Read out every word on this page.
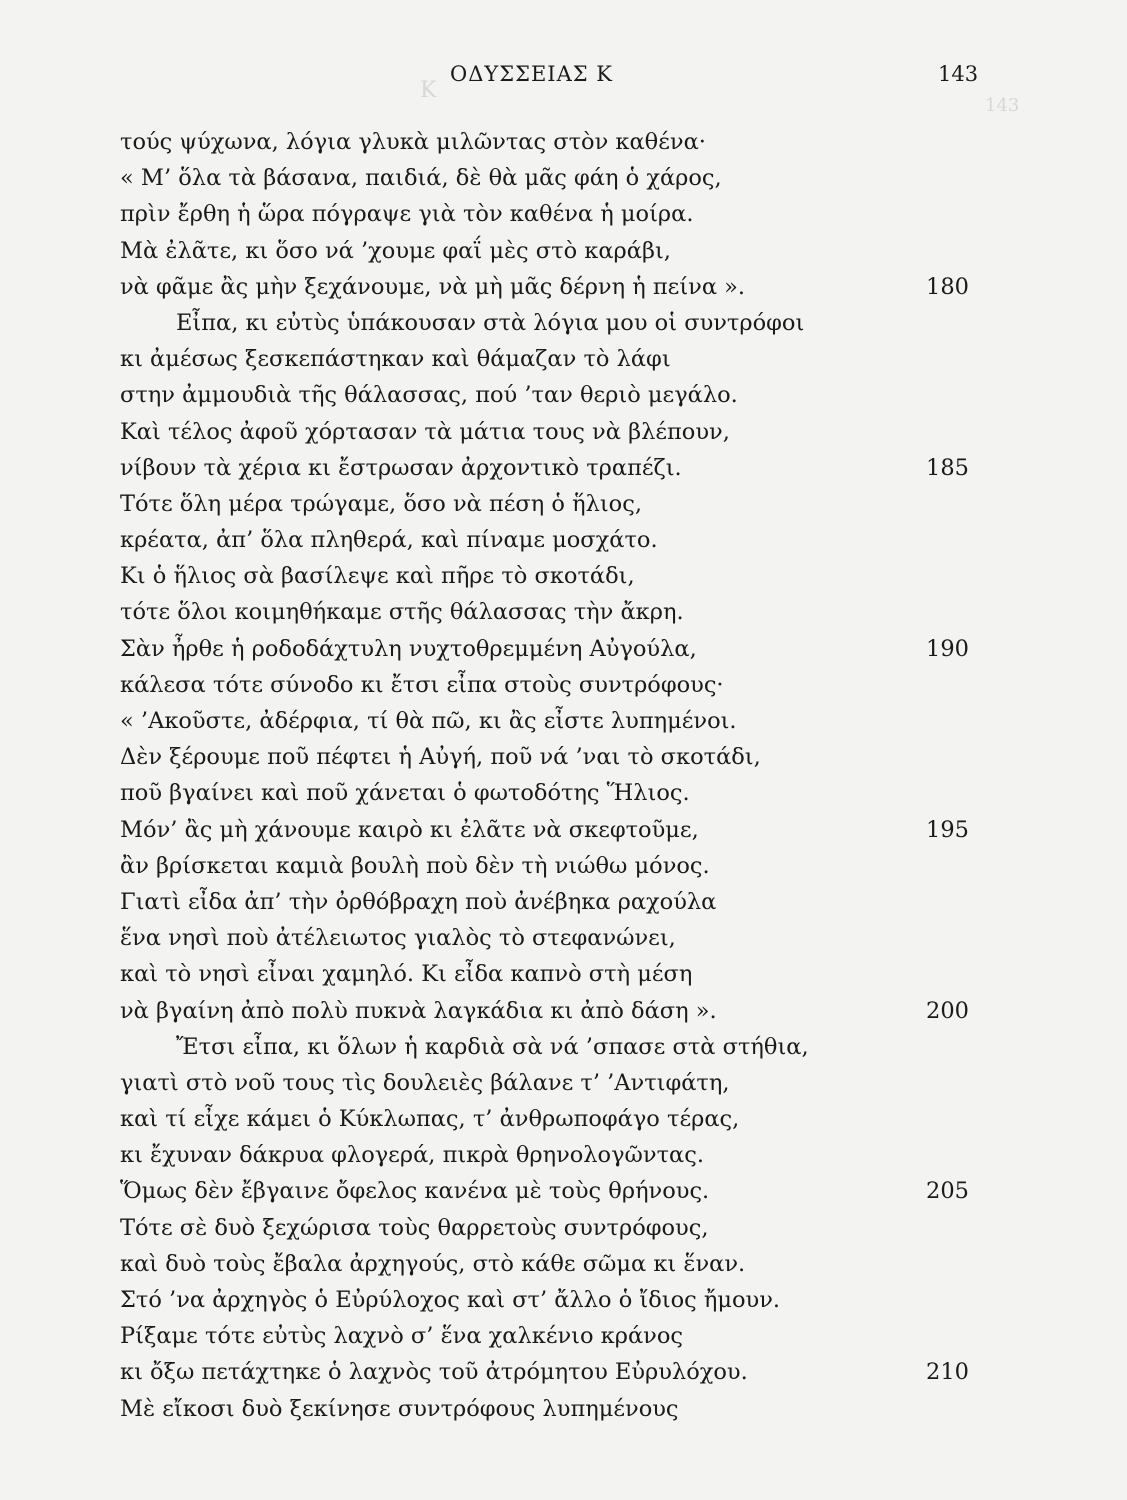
Κ
143
ΟΔΥΣΣΕΙΑΣ Κ	143
τούς ψύχωνα, λόγια γλυκὰ μιλῶντας στὸν καθένα·
« Μ’ ὅλα τὰ βάσανα, παιδιά, δὲ θὰ μᾶς φάη ὁ χάρος,
πρὶν ἔρθη ἡ ὥρα πόγραψε γιὰ τὸν καθένα ἡ μοίρα.
Μὰ ἐλᾶτε, κι ὅσο νά ’χουμε φαΐ μὲς στὸ καράβι,
νὰ φᾶμε ἂς μὴν ξεχάνουμε, νὰ μὴ μᾶς δέρνη ἡ πείνα ».	180
Εἶπα, κι εὐτὺς ὑπάκουσαν στὰ λόγια μου οἱ συντρόφοι
κι ἀμέσως ξεσκεπάστηκαν καὶ θάμαζαν τὸ λάφι
στην ἀμμουδιὰ τῆς θάλασσας, πού ’ταν θεριὸ μεγάλο.
Καὶ τέλος ἀφοῦ χόρτασαν τὰ μάτια τους νὰ βλέπουν,
νίβουν τὰ χέρια κι ἔστρωσαν ἀρχοντικὸ τραπέζι.	185
Τότε ὅλη μέρα τρώγαμε, ὅσο νὰ πέση ὁ ἥλιος,
κρέατα, ἀπ’ ὅλα πληθερά, καὶ πίναμε μοσχάτο.
Κι ὁ ἥλιος σὰ βασίλεψε καὶ πῆρε τὸ σκοτάδι,
τότε ὅλοι κοιμηθήκαμε στῆς θάλασσας τὴν ἄκρη.
Σὰν ἦρθε ἡ ροδοδάχτυλη νυχτοθρεμμένη Αὐγούλα,	190
κάλεσα τότε σύνοδο κι ἔτσι εἶπα στοὺς συντρόφους·
« ’Ακοῦστε, ἀδέρφια, τί θὰ πῶ, κι ἂς εἶστε λυπημένοι.
Δὲν ξέρουμε ποῦ πέφτει ἡ Αὐγή, ποῦ νά ’ναι τὸ σκοτάδι,
ποῦ βγαίνει καὶ ποῦ χάνεται ὁ φωτοδότης Ἥλιος.
Μόν’ ἂς μὴ χάνουμε καιρὸ κι ἐλᾶτε νὰ σκεφτοῦμε,	195
ἂν βρίσκεται καμιὰ βουλὴ ποὺ δὲν τὴ νιώθω μόνος.
Γιατὶ εἶδα ἀπ’ τὴν ὀρθόβραχη ποὺ ἀνέβηκα ραχούλα
ἕνα νησὶ ποὺ ἀτέλειωτος γιαλὸς τὸ στεφανώνει,
καὶ τὸ νησὶ εἶναι χαμηλό. Κι εἶδα καπνὸ στὴ μέση
νὰ βγαίνη ἀπὸ πολὺ πυκνὰ λαγκάδια κι ἀπὸ δάση ».	200
Ἔτσι εἶπα, κι ὅλων ἡ καρδιὰ σὰ νά ’σπασε στὰ στήθια,
γιατὶ στὸ νοῦ τους τὶς δουλειὲς βάλανε τ’ ’Αντιφάτη,
καὶ τί εἶχε κάμει ὁ Κύκλωπας, τ’ ἀνθρωποφάγο τέρας,
κι ἔχυναν δάκρυα φλογερά, πικρὰ θρηνολογῶντας.
Ὅμως δὲν ἔβγαινε ὄφελος κανένα μὲ τοὺς θρήνους.	205
Τότε σὲ δυὸ ξεχώρισα τοὺς θαρρετοὺς συντρόφους,
καὶ δυὸ τοὺς ἔβαλα ἀρχηγούς, στὸ κάθε σῶμα κι ἕναν.
Στό ’να ἀρχηγὸς ὁ Εὐρύλοχος καὶ στ’ ἄλλο ὁ ἴδιος ἤμουν.
Ρίξαμε τότε εὐτὺς λαχνὸ σ’ ἕνα χαλκένιο κράνος
κι ὄξω πετάχτηκε ὁ λαχνὸς τοῦ ἀτρόμητου Εὐρυλόχου.	210
Μὲ εἴκοσι δυὸ ξεκίνησε συντρόφους λυπημένους
